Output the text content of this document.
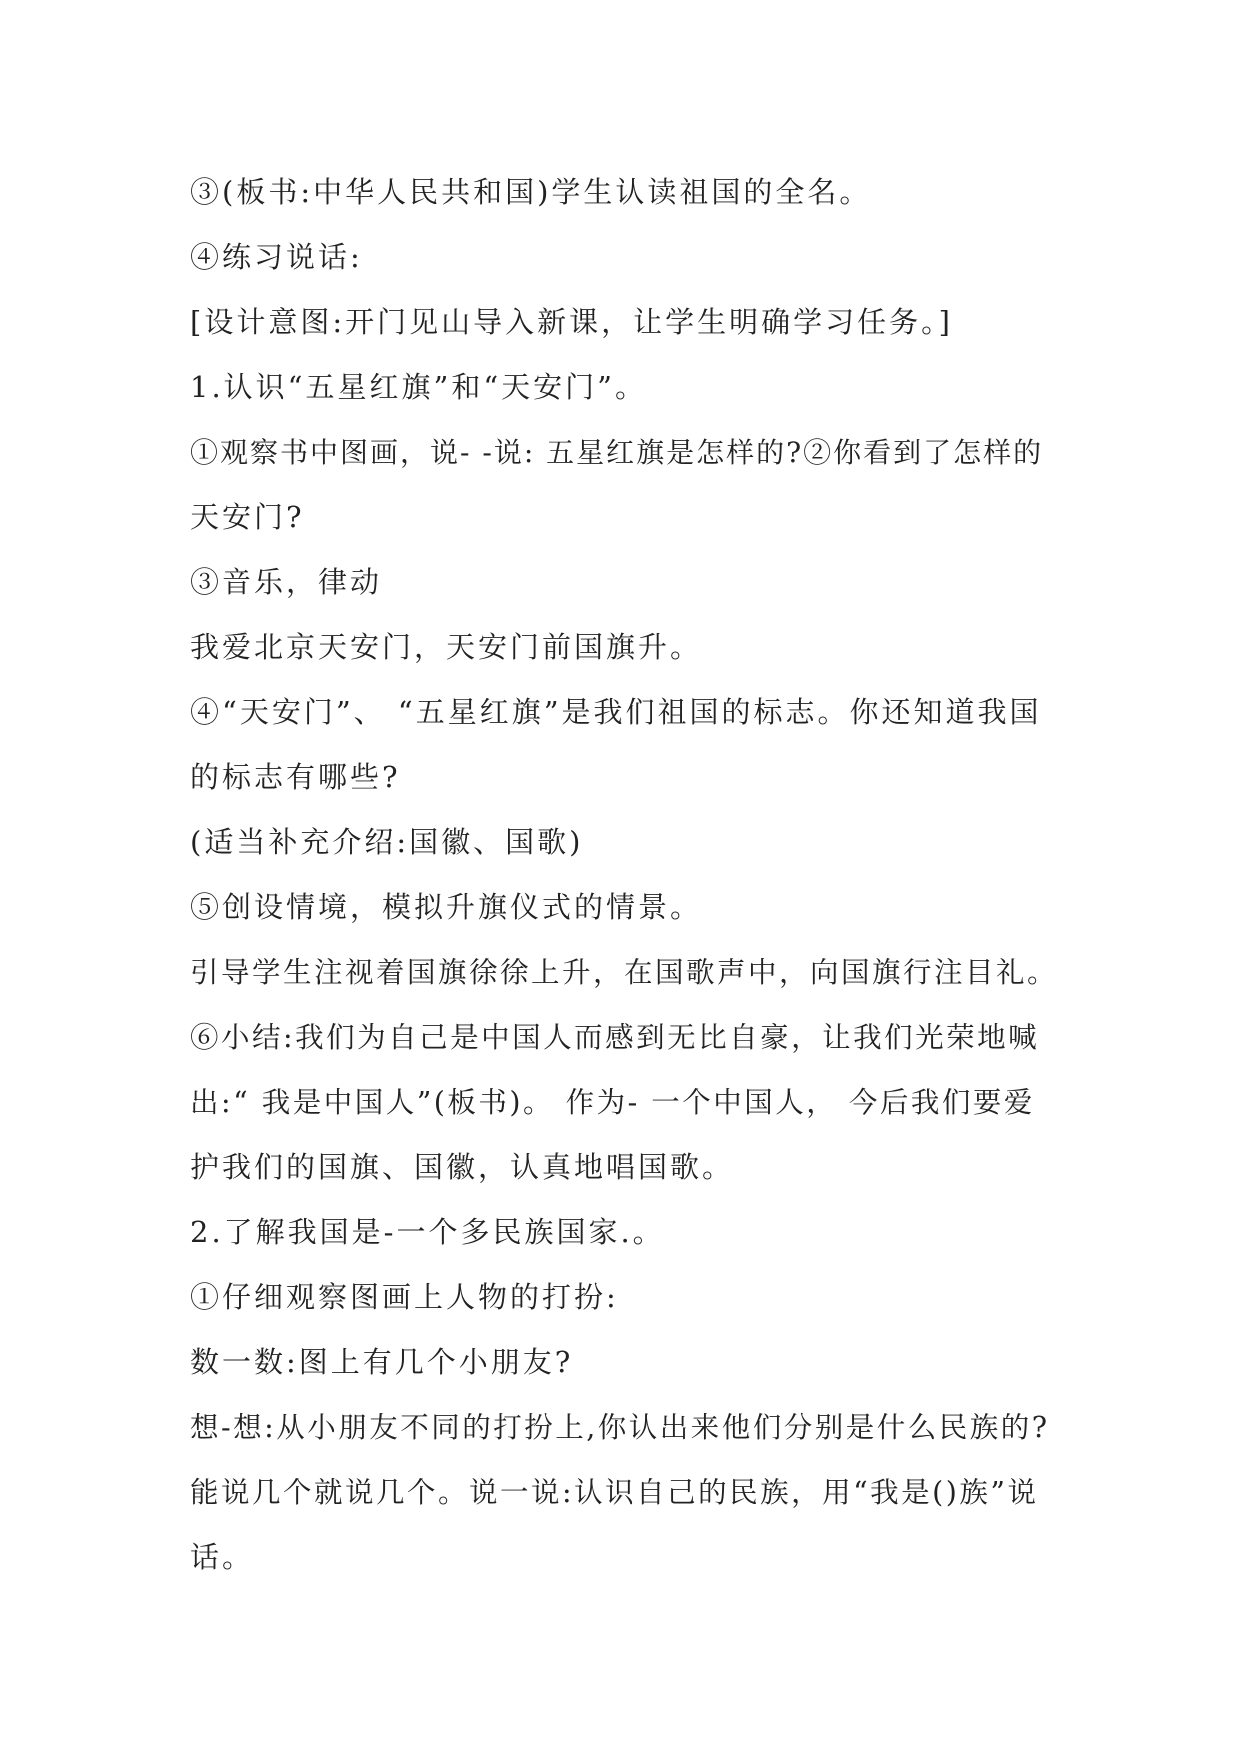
③(板书:中华人民共和国)学生认读祖国的全名。

④练习说话:

[设计意图:开门见山导入新课，让学生明确学习任务。]

1.认识“五星红旗”和“天安门”。

①观察书中图画，说- -说: 五星红旗是怎样的?②你看到了怎样的

天安门?

③音乐，律动

我爱北京天安门，天安门前国旗升。

④“天安门”、 “五星红旗”是我们祖国的标志。你还知道我国

的标志有哪些?

(适当补充介绍:国徽、国歌)

⑤创设情境，模拟升旗仪式的情景。

引导学生注视着国旗徐徐上升，在国歌声中，向国旗行注目礼。

⑥小结:我们为自己是中国人而感到无比自豪，让我们光荣地喊

出:“ 我是中国人”(板书)。 作为- 一个中国人， 今后我们要爱

护我们的国旗、国徽，认真地唱国歌。

2.了解我国是-一个多民族国家.。

①仔细观察图画上人物的打扮:

数一数:图上有几个小朋友?

想-想:从小朋友不同的打扮上,你认出来他们分别是什么民族的?

能说几个就说几个。说一说:认识自己的民族，用“我是()族”说

话。
